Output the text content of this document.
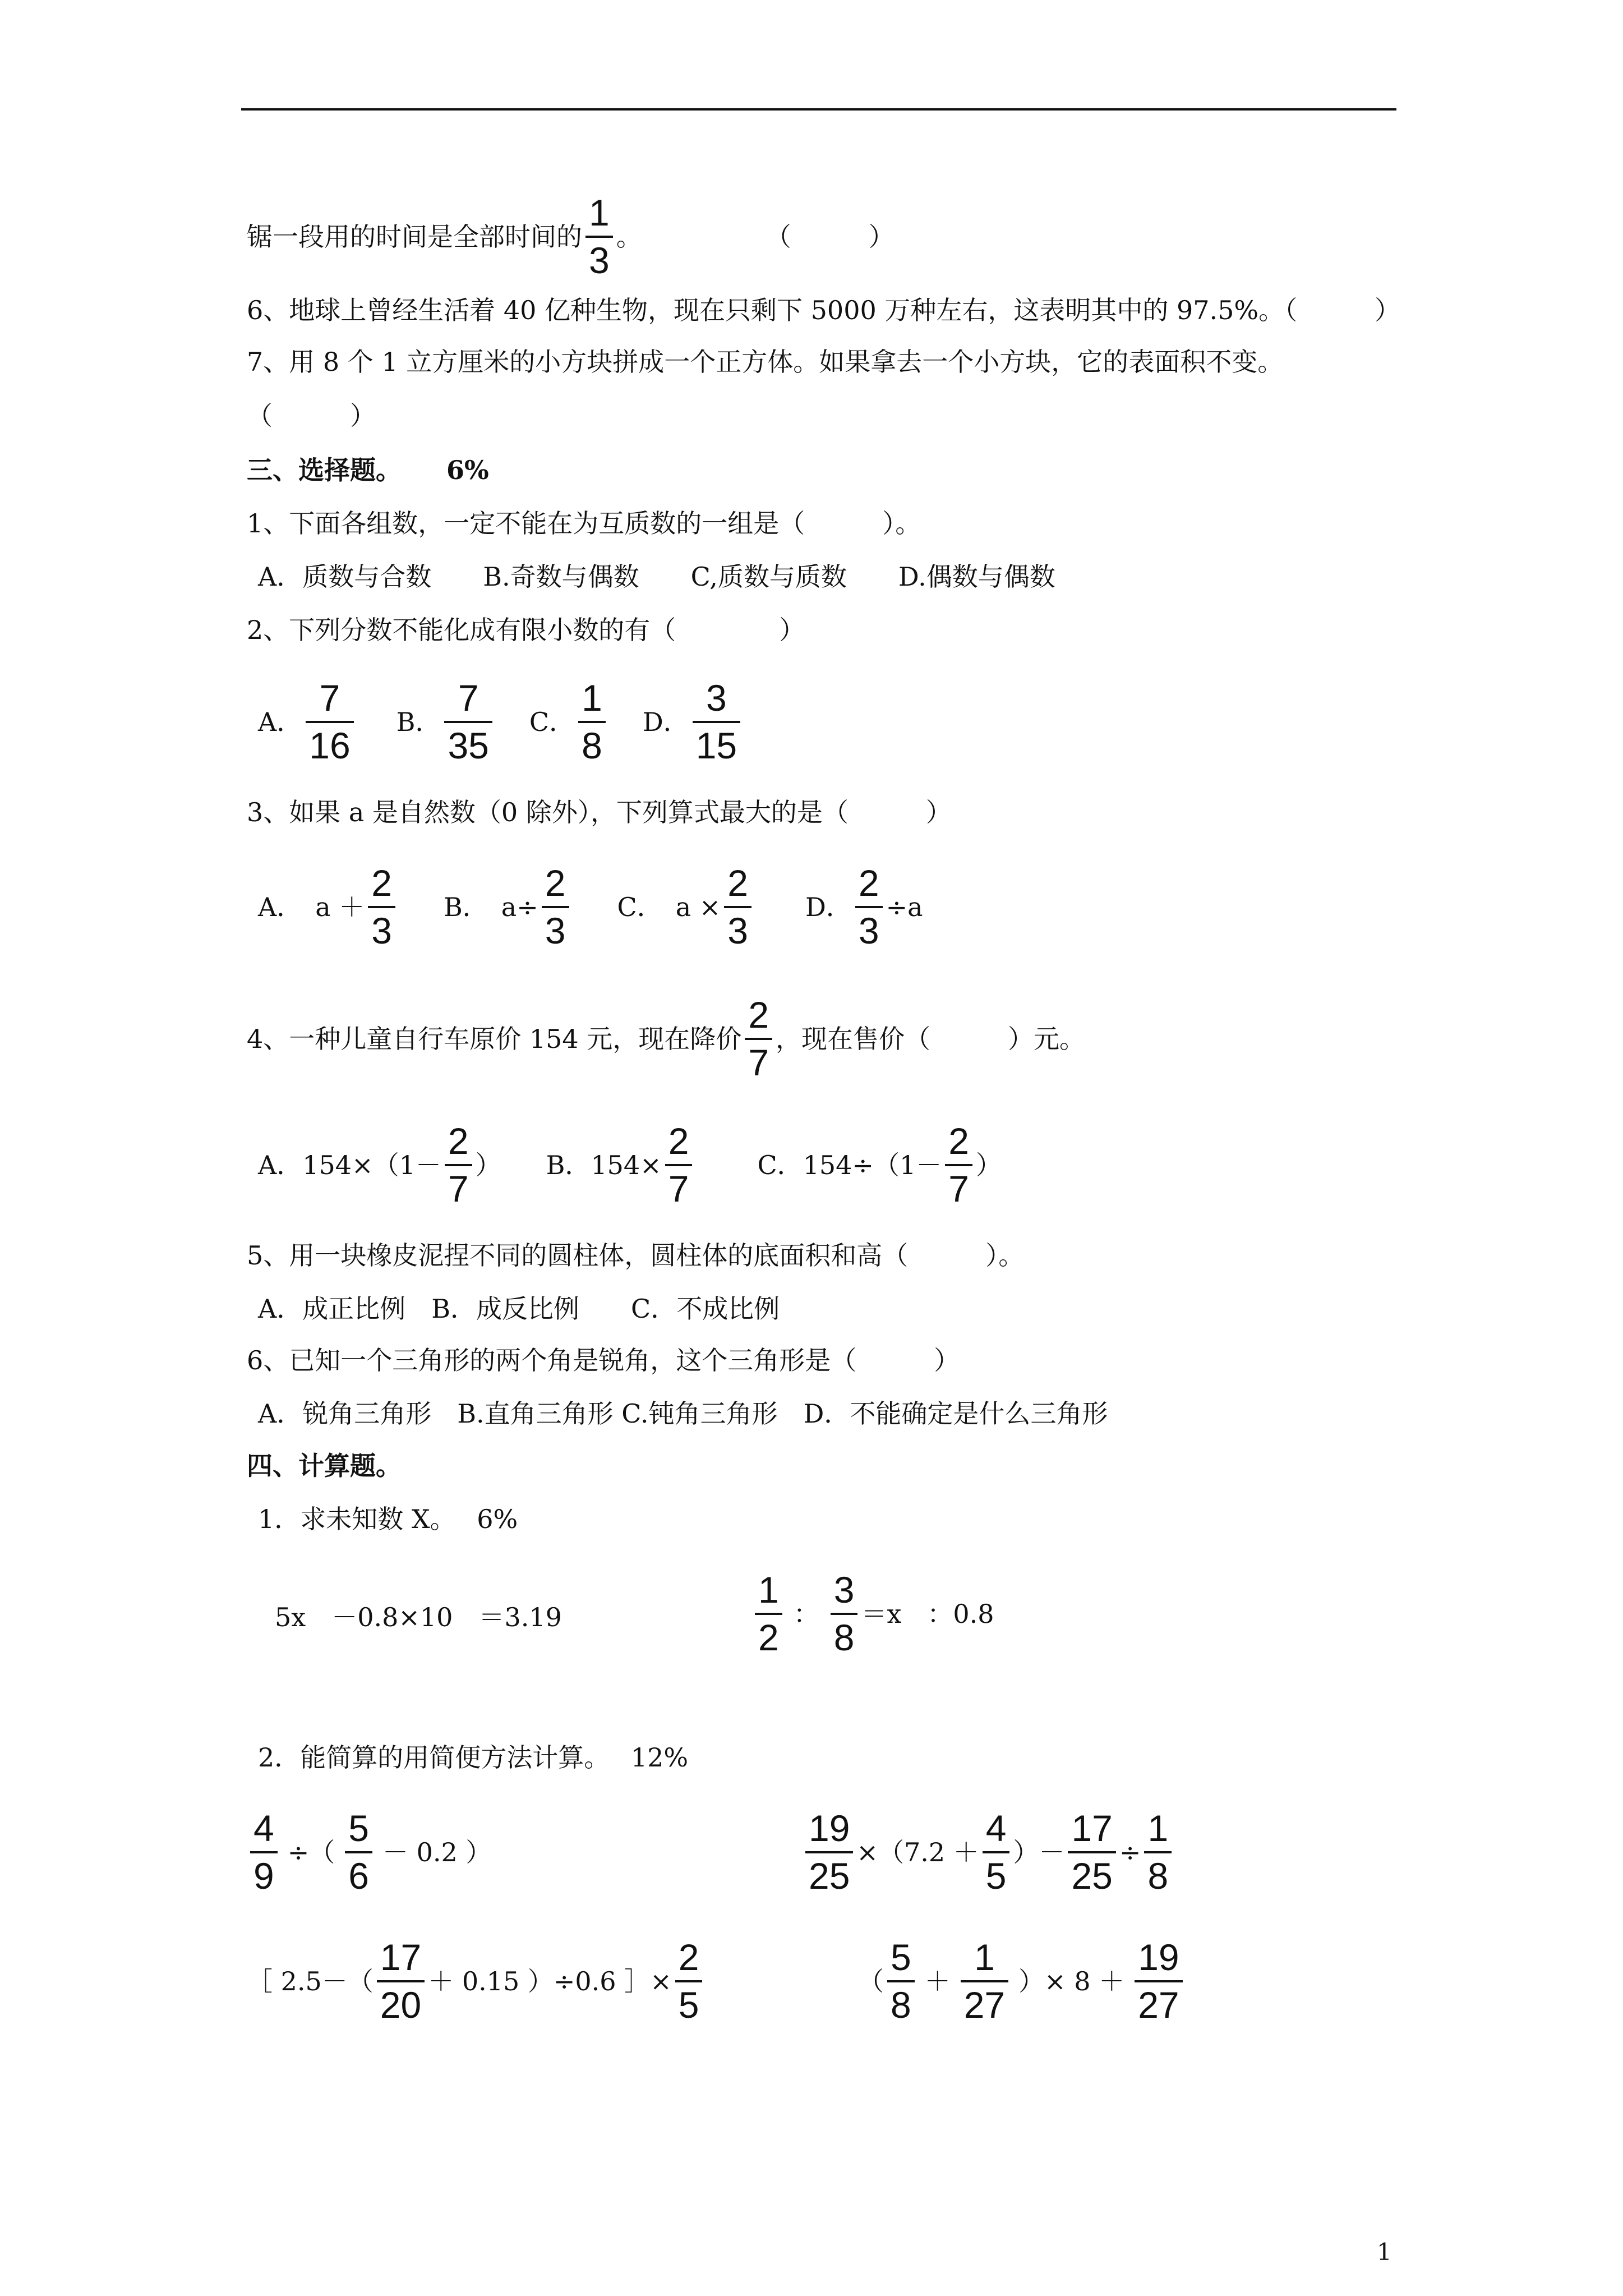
锯一段用的时间是全部时间的 $\frac{1}{3}$ 。	（　　　）
6、地球上曾经生活着 40 亿种生物，现在只剩下 5000 万种左右，这表明其中的 97.5%。（　　　）
7、用 8 个 1 立方厘米的小方块拼成一个正方体。如果拿去一个小方块，它的表面积不变。
（　　　）
三、选择题。 6%
1、下面各组数，一定不能在为互质数的一组是（　　　）。
A．质数与合数　　B.奇数与偶数　　C,质数与质数　　D.偶数与偶数
2、下列分数不能化成有限小数的有（　　　　）
A． $\frac{7}{16}$ B． $\frac{7}{35}$ C． $\frac{1}{8}$ D． $\frac{3}{15}$
3、如果 a 是自然数（0 除外），下列算式最大的是（　　　）
A．　$a + \frac{2}{3}$ B．　$a\div \frac{2}{3}$ C．　$a \times \frac{2}{3}$ D． $\frac{2}{3} \div a$
4、一种儿童自行车原价 154 元，现在降价 $\frac{2}{7}$ ，现在售价（　　　）元。
A．$154\times(1- \frac{2}{7}$ ） B．$154\times \frac{2}{7}$	C．$154\div(1- \frac{2}{7}$ ）
5、用一块橡皮泥捏不同的圆柱体，圆柱体的底面积和高（　　　）。
A．成正比例　B．成反比例　　C．不成比例
6、已知一个三角形的两个角是锐角，这个三角形是（　　　）
A．锐角三角形　B.直角三角形 C.钝角三角形　D．不能确定是什么三角形
四、计算题。
1．求未知数 X。　 6%
5x　－0.8×10　＝3.19	$\frac{1}{2}$ ： $\frac{3}{8} =x$　：0.8
2．能简算的用简便方法计算。　 12%
$\frac{4}{9}$ ÷（ $\frac{5}{6} - 0.2$ ）	$\frac{19}{25} \times(7.2 + \frac{4}{5}$ ）－ $\frac{17}{25} \div \frac{1}{8}$
［ $2.5-( \frac{17}{20} + 0.15$ ）÷0.6 ］× $\frac{2}{5}$	（ $\frac{5}{8} + \frac{1}{27}$ ）× $8 + \frac{19}{27}$
1
